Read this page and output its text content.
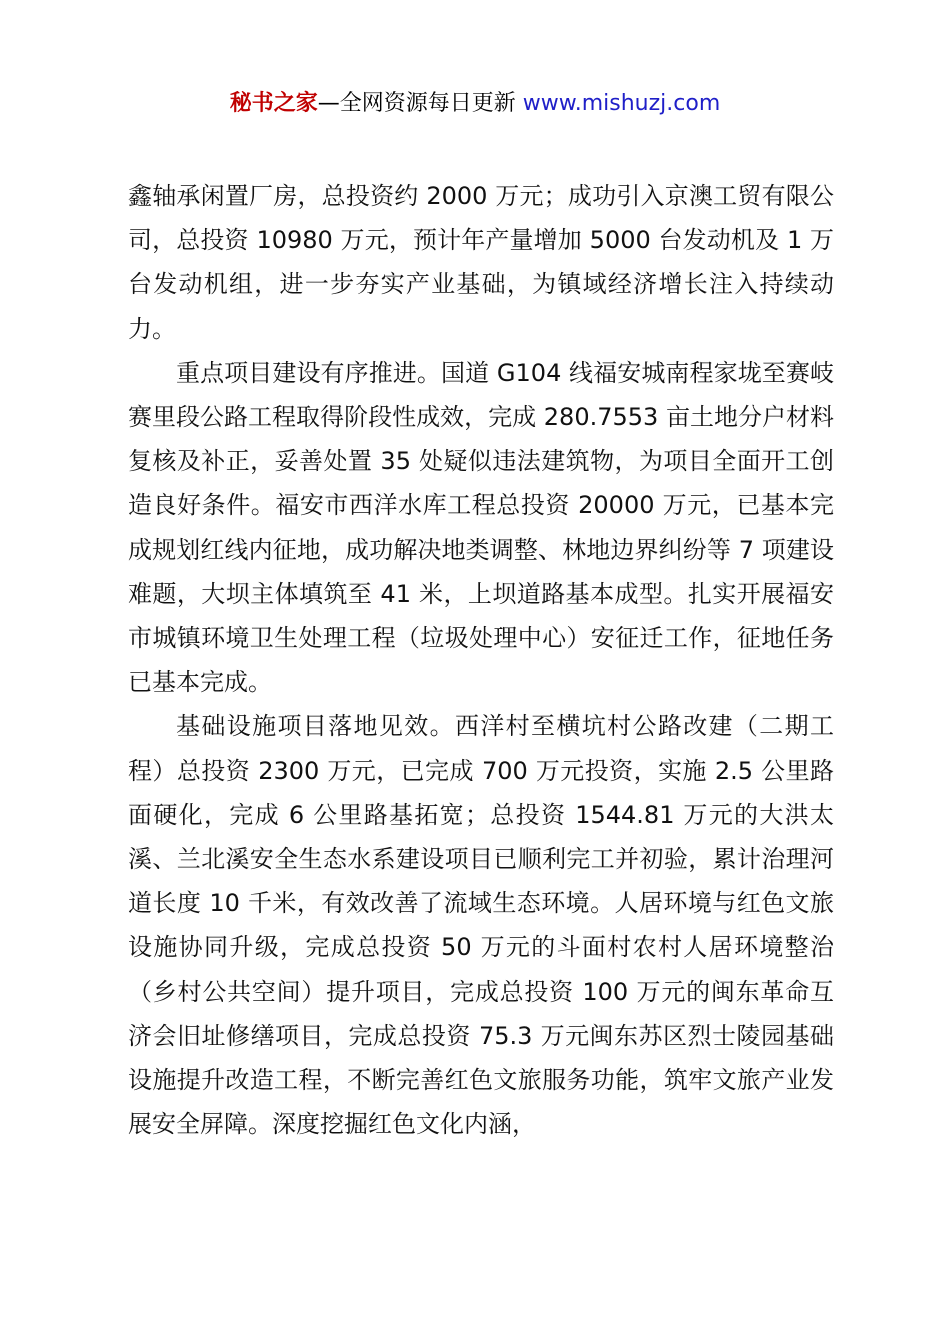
秘书之家—全网资源每日更新 www.mishuzj.com

鑫轴承闲置厂房，总投资约 2000 万元；成功引入京澳工贸有限公司，总投资 10980 万元，预计年产量增加 5000 台发动机及 1 万台发动机组，进一步夯实产业基础，为镇域经济增长注入持续动力。

重点项目建设有序推进。国道 G104 线福安城南程家垅至赛岐赛里段公路工程取得阶段性成效，完成 280.7553 亩土地分户材料复核及补正，妥善处置 35 处疑似违法建筑物，为项目全面开工创造良好条件。福安市西洋水库工程总投资 20000 万元，已基本完成规划红线内征地，成功解决地类调整、林地边界纠纷等 7 项建设难题，大坝主体填筑至 41 米，上坝道路基本成型。扎实开展福安市城镇环境卫生处理工程（垃圾处理中心）安征迁工作，征地任务已基本完成。

基础设施项目落地见效。西洋村至横坑村公路改建（二期工程）总投资 2300 万元，已完成 700 万元投资，实施 2.5 公里路面硬化，完成 6 公里路基拓宽；总投资 1544.81 万元的大洪太溪、兰北溪安全生态水系建设项目已顺利完工并初验，累计治理河道长度 10 千米，有效改善了流域生态环境。人居环境与红色文旅设施协同升级，完成总投资 50 万元的斗面村农村人居环境整治（乡村公共空间）提升项目，完成总投资 100 万元的闽东革命互济会旧址修缮项目，完成总投资 75.3 万元闽东苏区烈士陵园基础设施提升改造工程，不断完善红色文旅服务功能，筑牢文旅产业发展安全屏障。深度挖掘红色文化内涵，
